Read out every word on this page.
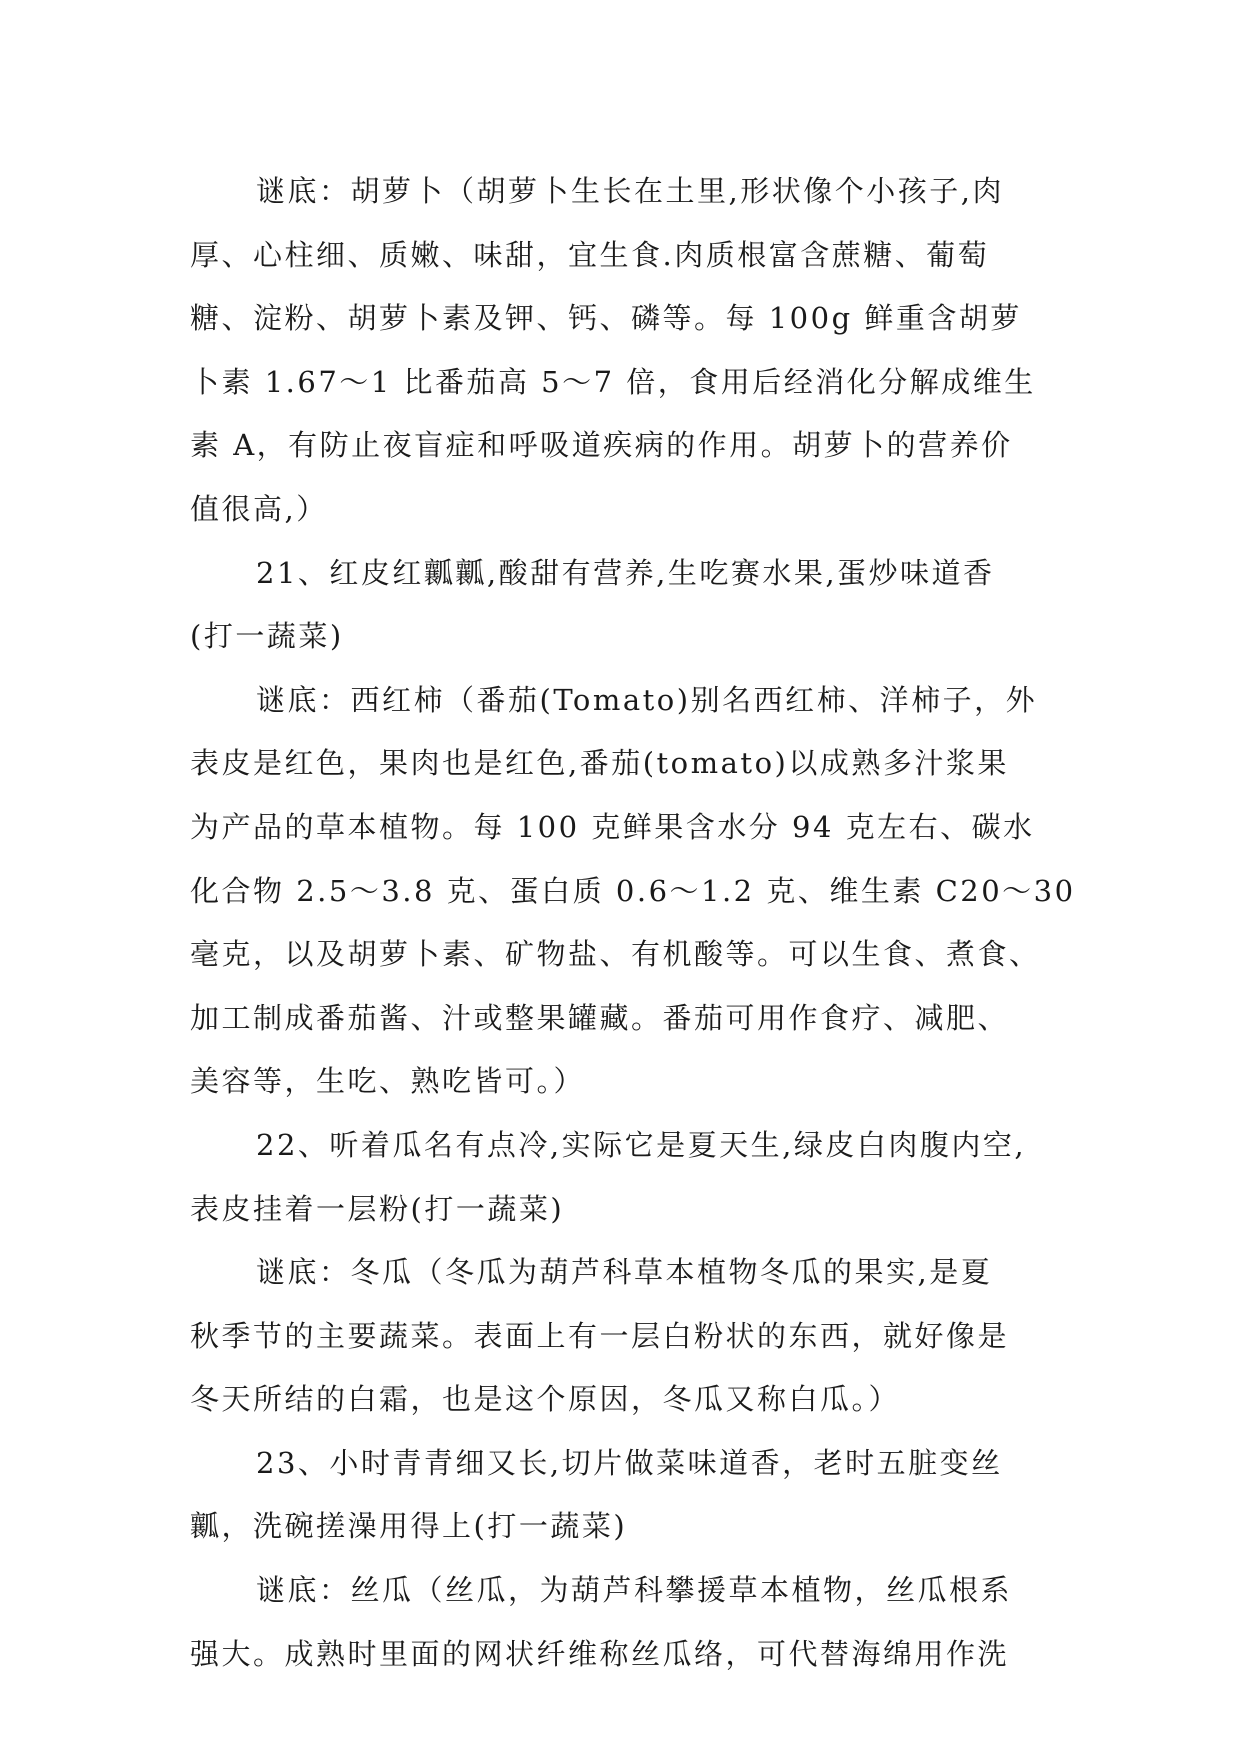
谜底：胡萝卜（胡萝卜生长在土里,形状像个小孩子,肉
厚、心柱细、质嫩、味甜，宜生食.肉质根富含蔗糖、葡萄
糖、淀粉、胡萝卜素及钾、钙、磷等。每 100g 鲜重含胡萝
卜素 1.67～1 比番茄高 5～7 倍，食用后经消化分解成维生
素 A，有防止夜盲症和呼吸道疾病的作用。胡萝卜的营养价
值很高,）
21、红皮红瓤瓤,酸甜有营养,生吃赛水果,蛋炒味道香
(打一蔬菜)
谜底：西红柿（番茄(Tomato)别名西红柿、洋柿子，外
表皮是红色，果肉也是红色,番茄(tomato)以成熟多汁浆果
为产品的草本植物。每 100 克鲜果含水分 94 克左右、碳水
化合物 2.5～3.8 克、蛋白质 0.6～1.2 克、维生素 C20～30
毫克，以及胡萝卜素、矿物盐、有机酸等。可以生食、煮食、
加工制成番茄酱、汁或整果罐藏。番茄可用作食疗、减肥、
美容等，生吃、熟吃皆可。）
22、听着瓜名有点冷,实际它是夏天生,绿皮白肉腹内空,
表皮挂着一层粉(打一蔬菜)
谜底：冬瓜（冬瓜为葫芦科草本植物冬瓜的果实,是夏
秋季节的主要蔬菜。表面上有一层白粉状的东西，就好像是
冬天所结的白霜，也是这个原因，冬瓜又称白瓜。）
23、小时青青细又长,切片做菜味道香，老时五脏变丝
瓤，洗碗搓澡用得上(打一蔬菜)
谜底：丝瓜（丝瓜，为葫芦科攀援草本植物，丝瓜根系
强大。成熟时里面的网状纤维称丝瓜络，可代替海绵用作洗
